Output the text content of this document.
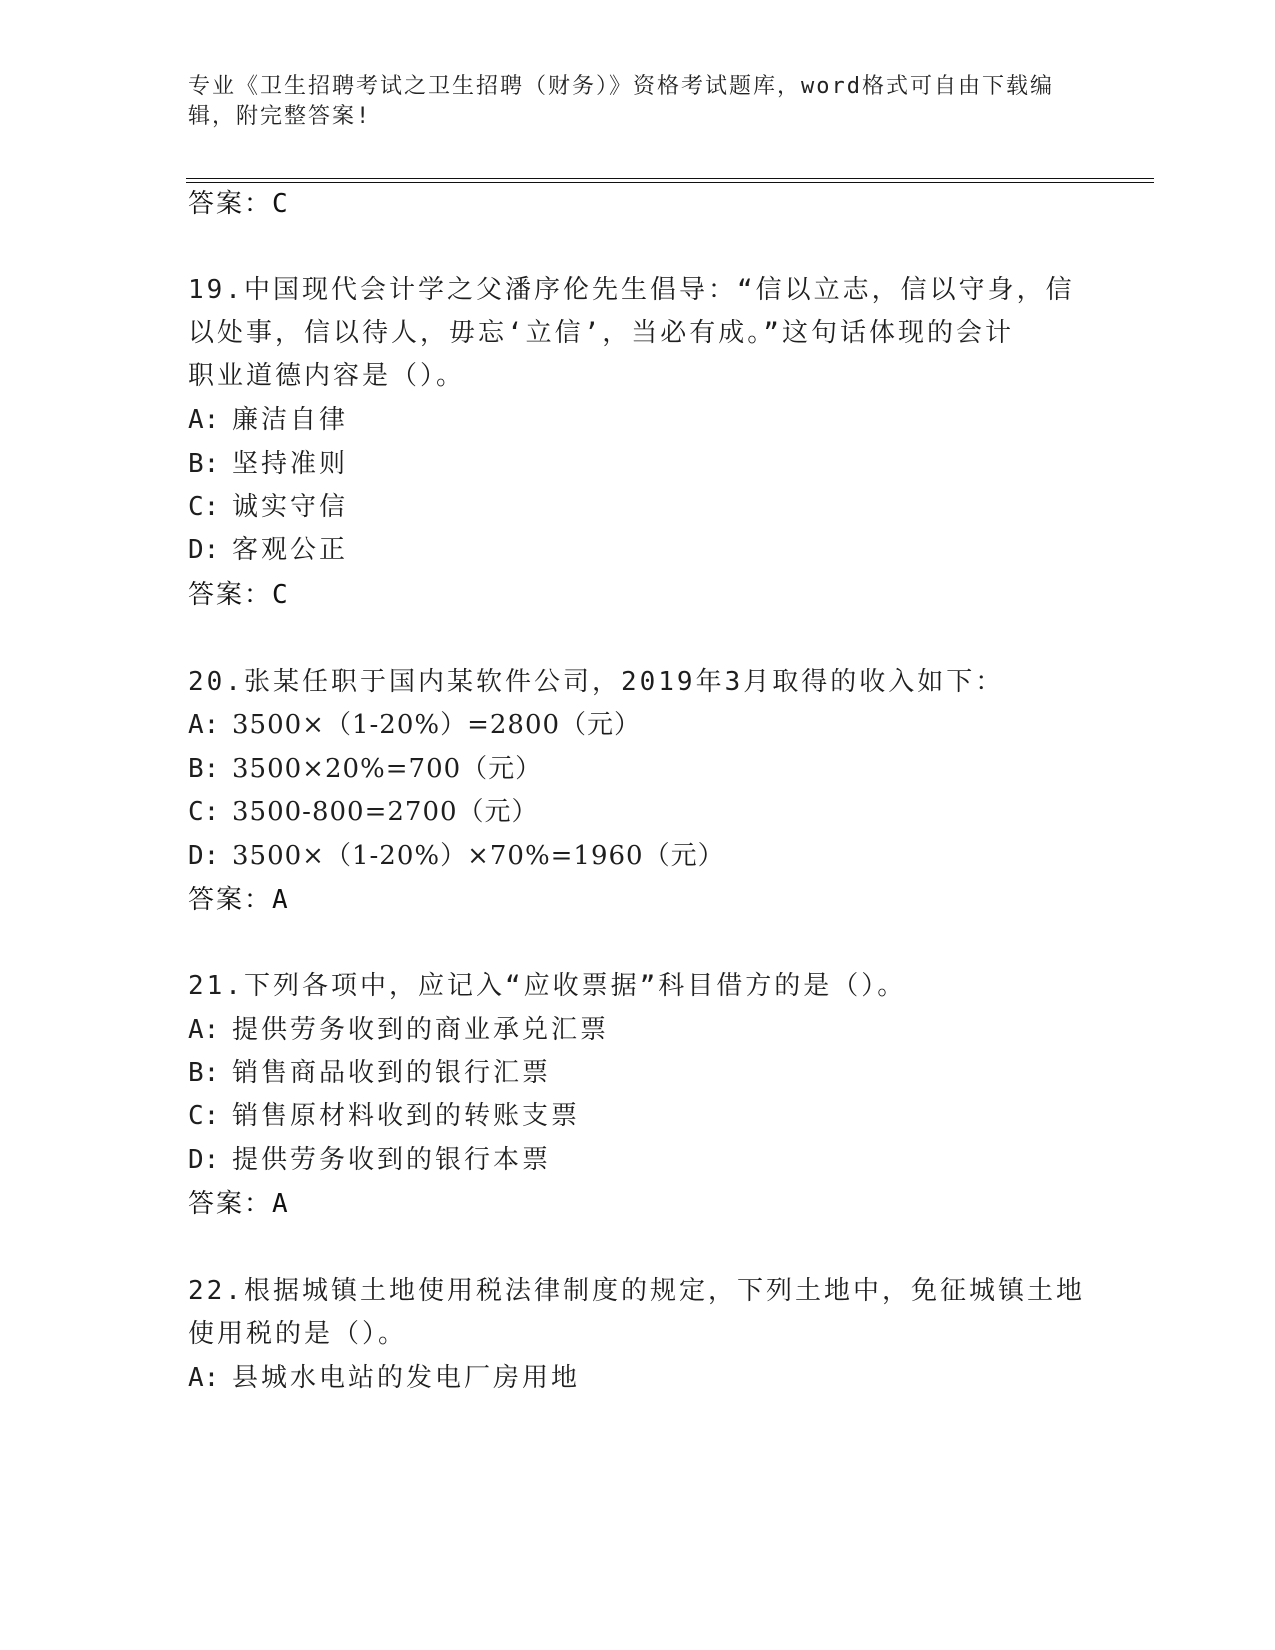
专业《卫生招聘考试之卫生招聘（财务）》资格考试题库，word格式可自由下载编辑，附完整答案!
答案：C
19.中国现代会计学之父潘序伦先生倡导：“信以立志，信以守身，信
以处事，信以待人，毋忘‘立信’，当必有成。”这句话体现的会计
职业道德内容是（）。
A: 廉洁自律
B: 坚持准则
C: 诚实守信
D: 客观公正
答案：C
20.张某任职于国内某软件公司，2019年3月取得的收入如下：
A: 3500×（1-20%）=2800（元）
B: 3500×20%=700（元）
C: 3500-800=2700（元）
D: 3500×（1-20%）×70%=1960（元）
答案：A
21.下列各项中，应记入“应收票据”科目借方的是（）。
A: 提供劳务收到的商业承兑汇票
B: 销售商品收到的银行汇票
C: 销售原材料收到的转账支票
D: 提供劳务收到的银行本票
答案：A
22.根据城镇土地使用税法律制度的规定，下列土地中，免征城镇土地
使用税的是（）。
A: 县城水电站的发电厂房用地
